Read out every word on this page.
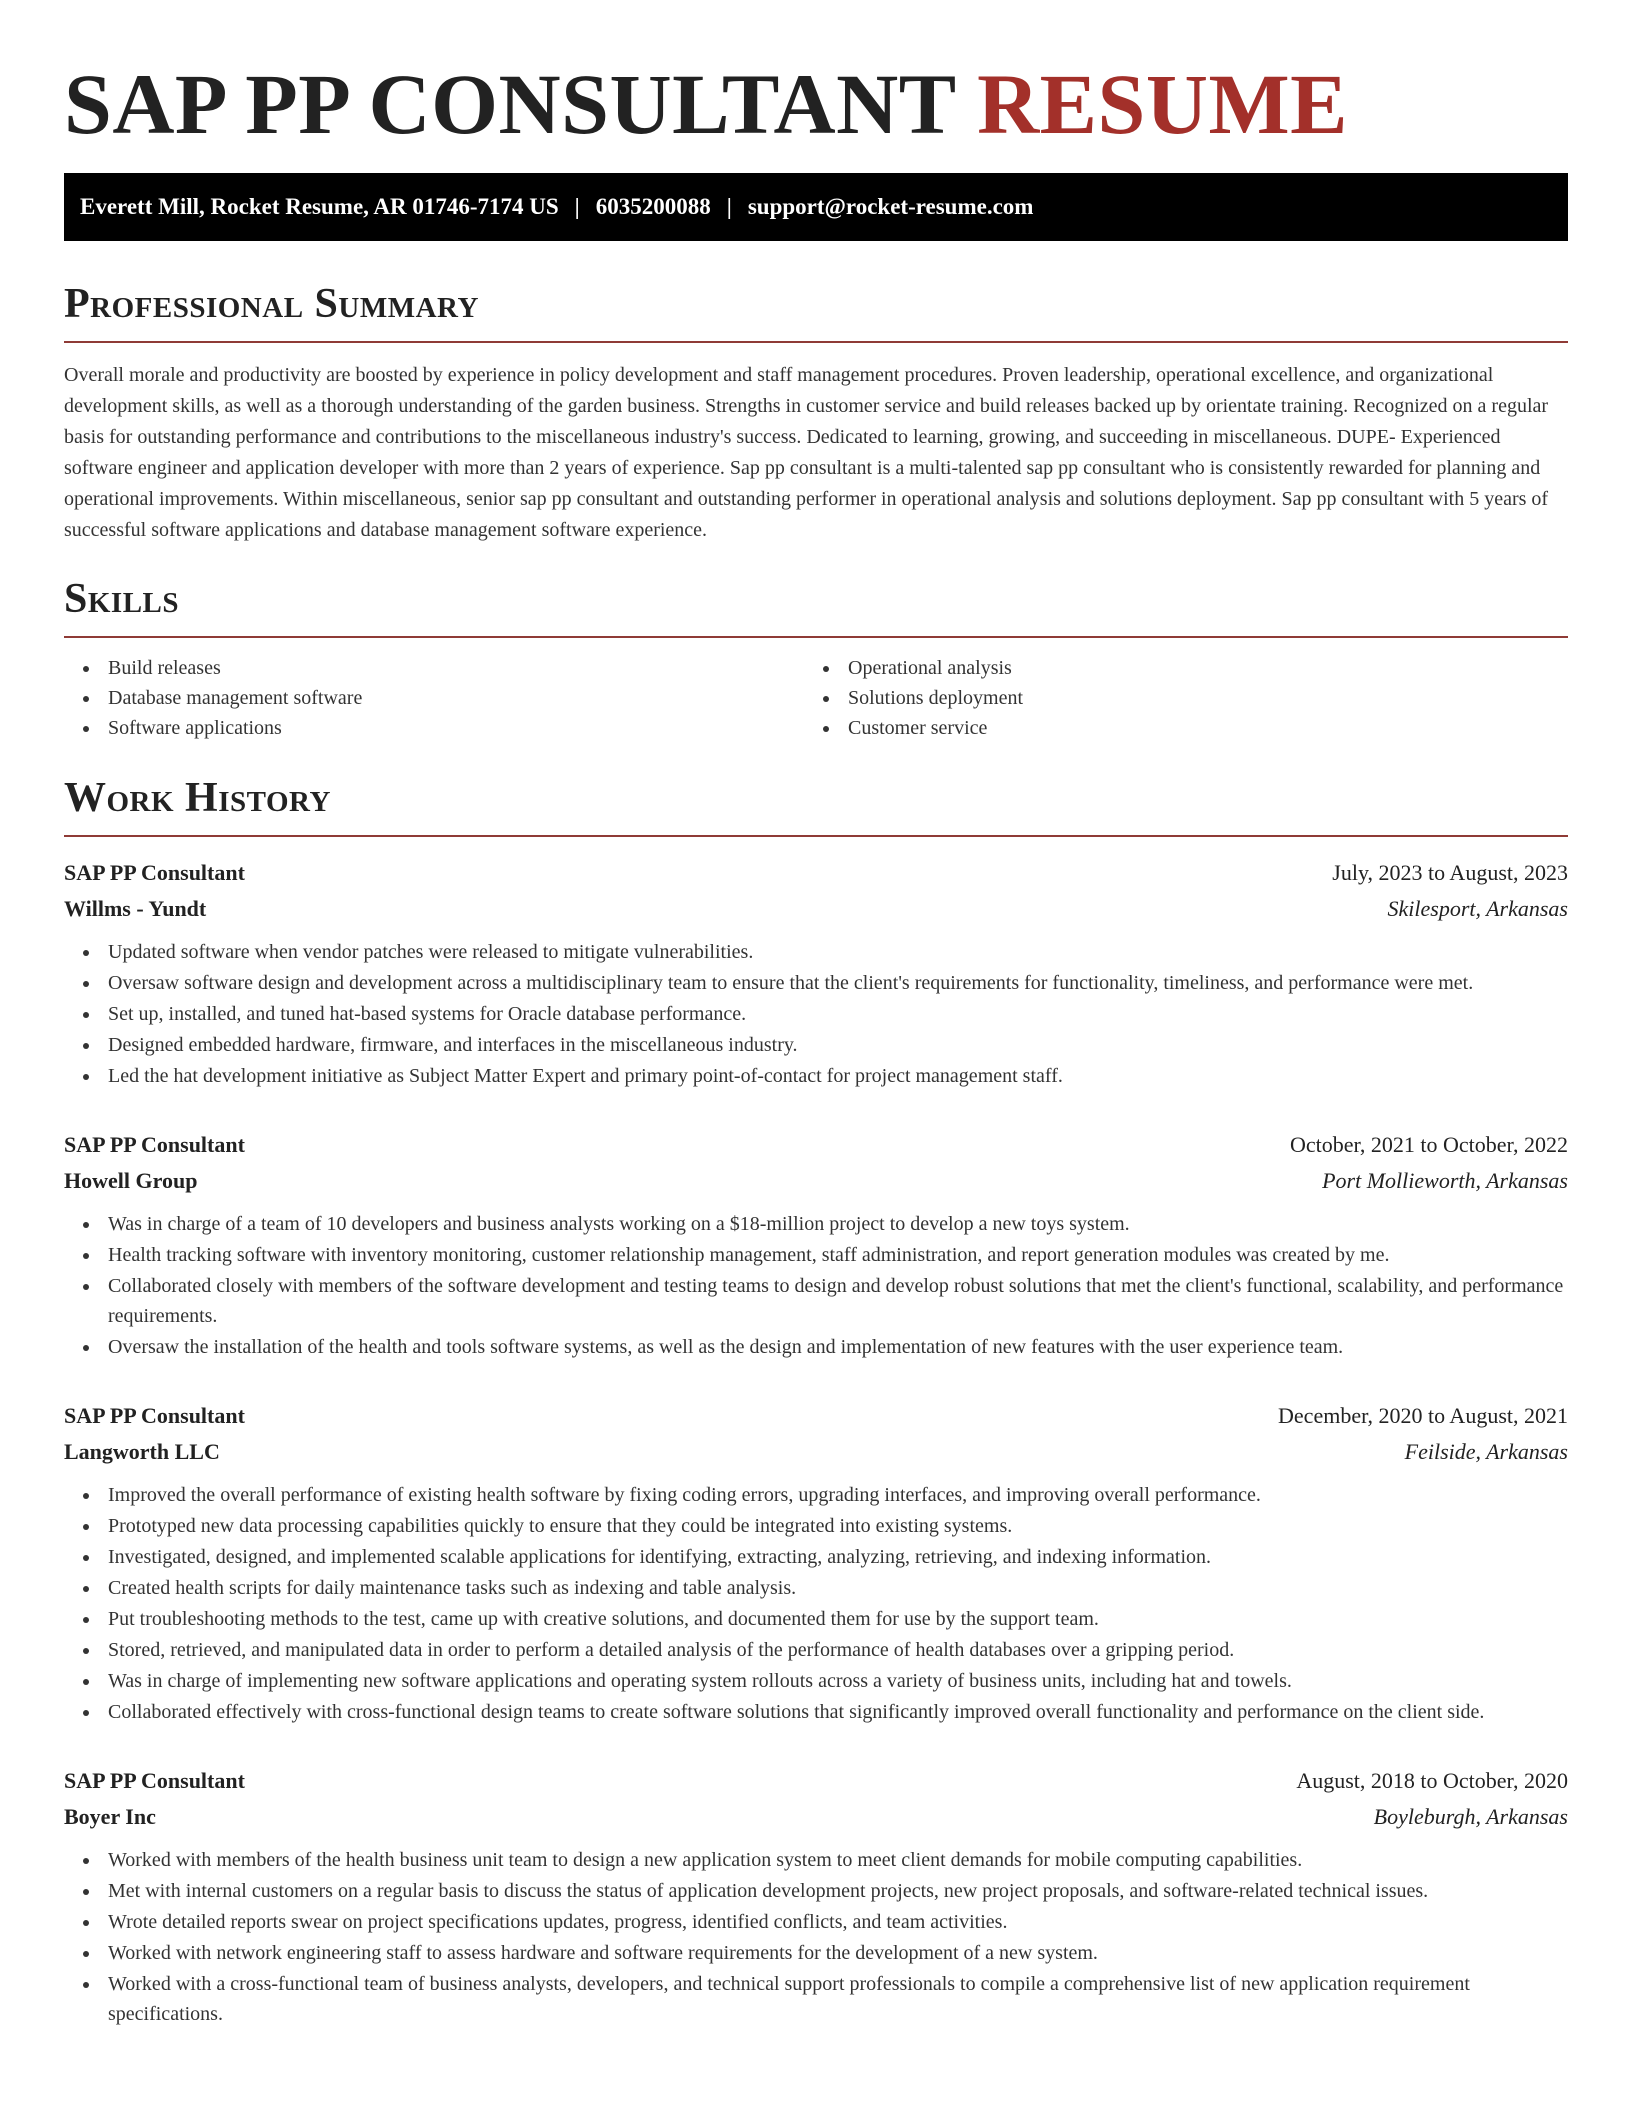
SAP PP CONSULTANT RESUME
Everett Mill, Rocket Resume, AR 01746-7174 US | 6035200088 | support@rocket-resume.com
Professional Summary

Overall morale and productivity are boosted by experience in policy development and staff management procedures. Proven leadership, operational excellence, and organizational development skills, as well as a thorough understanding of the garden business. Strengths in customer service and build releases backed up by orientate training. Recognized on a regular basis for outstanding performance and contributions to the miscellaneous industry's success. Dedicated to learning, growing, and succeeding in miscellaneous. DUPE- Experienced software engineer and application developer with more than 2 years of experience. Sap pp consultant is a multi-talented sap pp consultant who is consistently rewarded for planning and operational improvements. Within miscellaneous, senior sap pp consultant and outstanding performer in operational analysis and solutions deployment. Sap pp consultant with 5 years of successful software applications and database management software experience.

Skills
Build releases
Database management software
Software applications
Operational analysis
Solutions deployment
Customer service
Work History
SAP PP Consultant	July, 2023 to August, 2023
Willms - Yundt	Skilesport, Arkansas
Updated software when vendor patches were released to mitigate vulnerabilities.
Oversaw software design and development across a multidisciplinary team to ensure that the client's requirements for functionality, timeliness, and performance were met.
Set up, installed, and tuned hat-based systems for Oracle database performance.
Designed embedded hardware, firmware, and interfaces in the miscellaneous industry.
Led the hat development initiative as Subject Matter Expert and primary point-of-contact for project management staff.
SAP PP Consultant	October, 2021 to October, 2022
Howell Group	Port Mollieworth, Arkansas
Was in charge of a team of 10 developers and business analysts working on a $18-million project to develop a new toys system.
Health tracking software with inventory monitoring, customer relationship management, staff administration, and report generation modules was created by me.
Collaborated closely with members of the software development and testing teams to design and develop robust solutions that met the client's functional, scalability, and performance requirements.
Oversaw the installation of the health and tools software systems, as well as the design and implementation of new features with the user experience team.
SAP PP Consultant	December, 2020 to August, 2021
Langworth LLC	Feilside, Arkansas
Improved the overall performance of existing health software by fixing coding errors, upgrading interfaces, and improving overall performance.
Prototyped new data processing capabilities quickly to ensure that they could be integrated into existing systems.
Investigated, designed, and implemented scalable applications for identifying, extracting, analyzing, retrieving, and indexing information.
Created health scripts for daily maintenance tasks such as indexing and table analysis.
Put troubleshooting methods to the test, came up with creative solutions, and documented them for use by the support team.
Stored, retrieved, and manipulated data in order to perform a detailed analysis of the performance of health databases over a gripping period.
Was in charge of implementing new software applications and operating system rollouts across a variety of business units, including hat and towels.
Collaborated effectively with cross-functional design teams to create software solutions that significantly improved overall functionality and performance on the client side.
SAP PP Consultant	August, 2018 to October, 2020
Boyer Inc	Boyleburgh, Arkansas
Worked with members of the health business unit team to design a new application system to meet client demands for mobile computing capabilities.
Met with internal customers on a regular basis to discuss the status of application development projects, new project proposals, and software-related technical issues.
Wrote detailed reports swear on project specifications updates, progress, identified conflicts, and team activities.
Worked with network engineering staff to assess hardware and software requirements for the development of a new system.
Worked with a cross-functional team of business analysts, developers, and technical support professionals to compile a comprehensive list of new application requirement specifications.
